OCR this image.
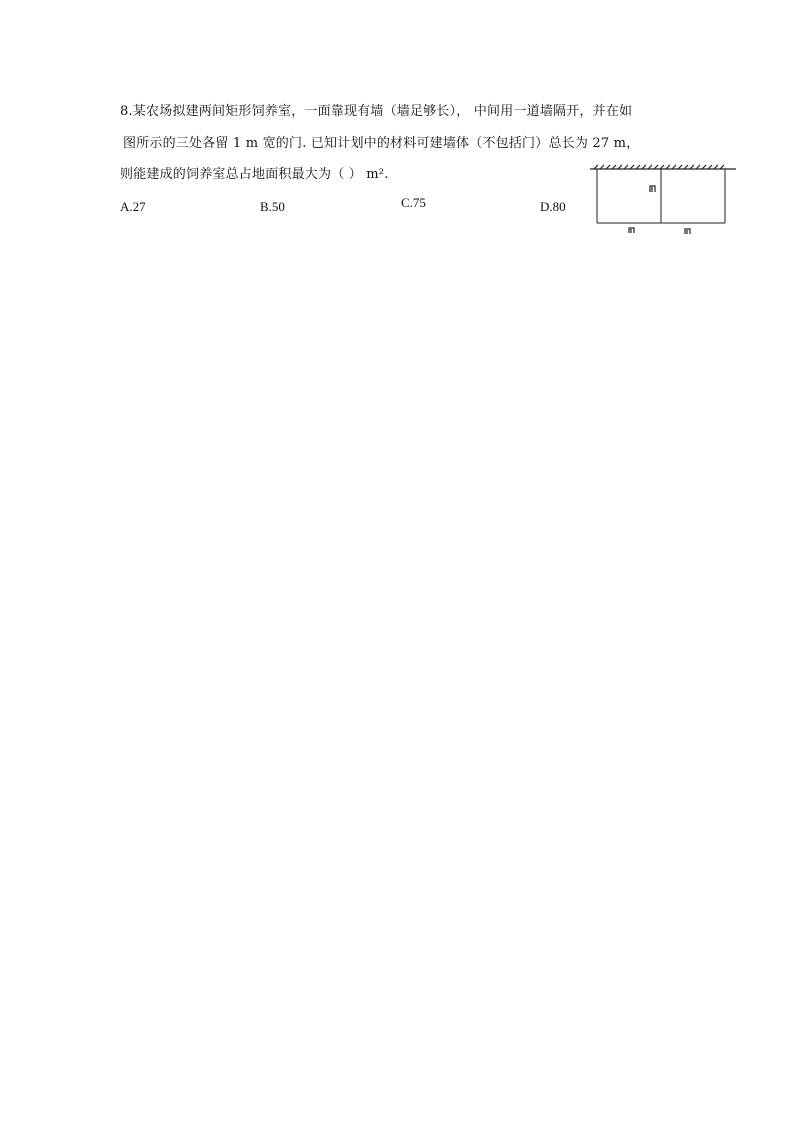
8.某农场拟建两间矩形饲养室，一面靠现有墙（墙足够长）， 中间用一道墙隔开，并在如
图所示的三处各留 1 m 宽的门. 已知计划中的材料可建墙体（不包括门）总长为 27 m，
则能建成的饲养室总占地面积最大为（ ） m².
A.27	B.50	C.75	D.80
